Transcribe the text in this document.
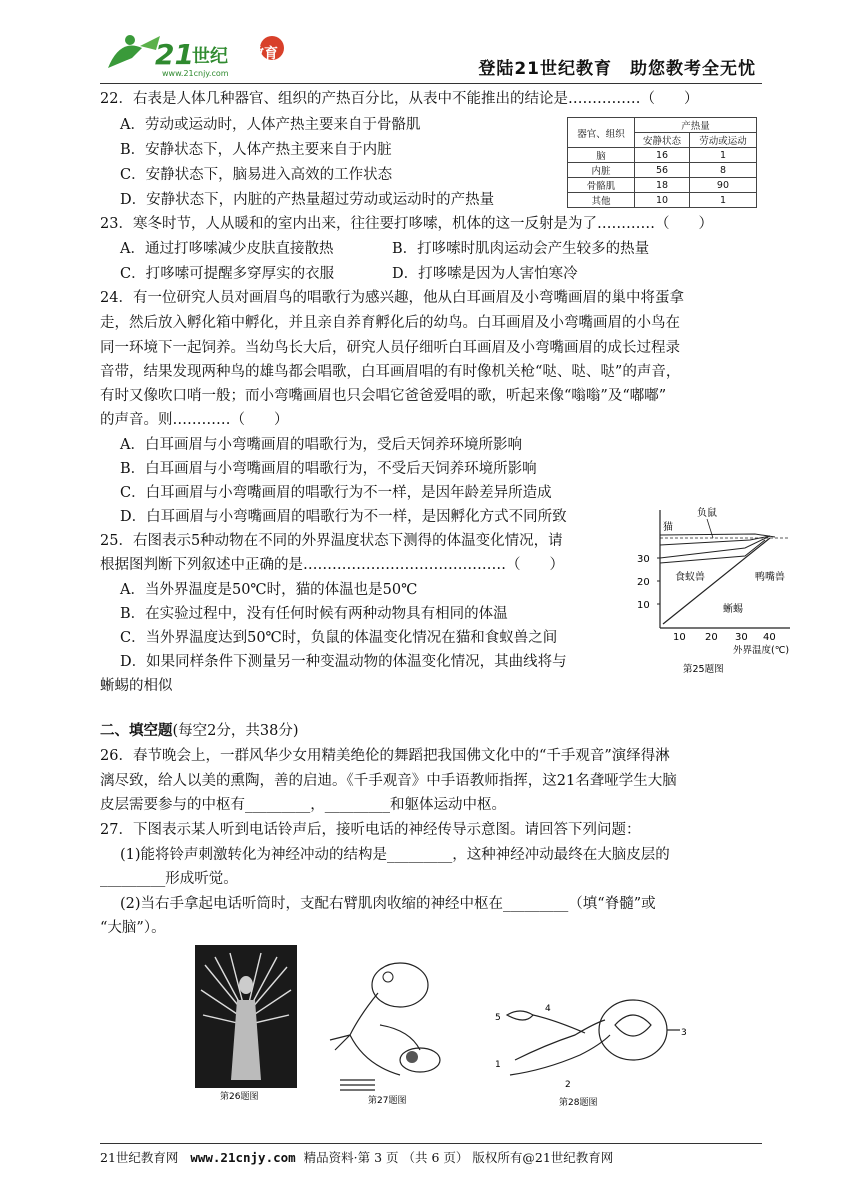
21
世纪 教育
www.21cnjy.com	登陆21世纪教育 助您教考全无忧
22．右表是人体几种器官、组织的产热百分比，从表中不能推出的结论是……………（　　）
A．劳动或运动时，人体产热主要来自于骨骼肌
B．安静状态下，人体产热主要来自于内脏
C．安静状态下，脑易进入高效的工作状态
D．安静状态下，内脏的产热量超过劳动或运动时的产热量
器官、组织	产热量	
	安静状态	劳动或运动
脑	16	1
内脏	56	8
骨骼肌	18	90
其他	10	1
23．寒冬时节，人从暖和的室内出来，往往要打哆嗦，机体的这一反射是为了…………（　　）
A．通过打哆嗦减少皮肤直接散热	B．打哆嗦时肌肉运动会产生较多的热量
C．打哆嗦可提醒多穿厚实的衣服	D．打哆嗦是因为人害怕寒冷
24．有一位研究人员对画眉鸟的唱歌行为感兴趣，他从白耳画眉及小弯嘴画眉的巢中将蛋拿
走，然后放入孵化箱中孵化，并且亲自养育孵化后的幼鸟。白耳画眉及小弯嘴画眉的小鸟在
同一环境下一起饲养。当幼鸟长大后，研究人员仔细听白耳画眉及小弯嘴画眉的成长过程录
音带，结果发现两种鸟的雄鸟都会唱歌，白耳画眉唱的有时像机关枪“哒、哒、哒”的声音，
有时又像吹口哨一般；而小弯嘴画眉也只会唱它爸爸爱唱的歌，听起来像“嗡嗡”及“嘟嘟”
的声音。则…………（　　）
A．白耳画眉与小弯嘴画眉的唱歌行为，受后天饲养环境所影响
B．白耳画眉与小弯嘴画眉的唱歌行为，不受后天饲养环境所影响
C．白耳画眉与小弯嘴画眉的唱歌行为不一样，是因年龄差异所造成
D．白耳画眉与小弯嘴画眉的唱歌行为不一样，是因孵化方式不同所致
25．右图表示5种动物在不同的外界温度状态下测得的体温变化情况，请
根据图判断下列叙述中正确的是……………………………………（　　）
A．当外界温度是50℃时，猫的体温也是50℃
B．在实验过程中，没有任何时候有两种动物具有相同的体温
C．当外界温度达到50℃时，负鼠的体温变化情况在猫和食蚁兽之间
D．如果同样条件下测量另一种变温动物的体温变化情况，其曲线将与
蜥蜴的相似
30
20
10
10 20 30 40
外界温度(℃)
负鼠
猫
食蚁兽	鸭嘴兽
蜥蜴
第25题图
二、填空题(每空2分，共38分)
26．春节晚会上，一群风华少女用精美绝伦的舞蹈把我国佛文化中的“千手观音”演绎得淋
漓尽致，给人以美的熏陶，善的启迪。《千手观音》中手语教师指挥，这21名聋哑学生大脑
皮层需要参与的中枢有_________，_________和躯体运动中枢。
27．下图表示某人听到电话铃声后，接听电话的神经传导示意图。请回答下列问题：
(1)能将铃声刺激转化为神经冲动的结构是_________，这种神经冲动最终在大脑皮层的
_________形成听觉。
(2)当右手拿起电话听筒时，支配右臂肌肉收缩的神经中枢在_________（填“脊髓”或
“大脑”）。
第26题图	第27题图
5
4
3
2
1
第28题图
21世纪教育网 www.21cnjy.com 精品资料·第 3 页 （共 6 页） 版权所有@21世纪教育网
